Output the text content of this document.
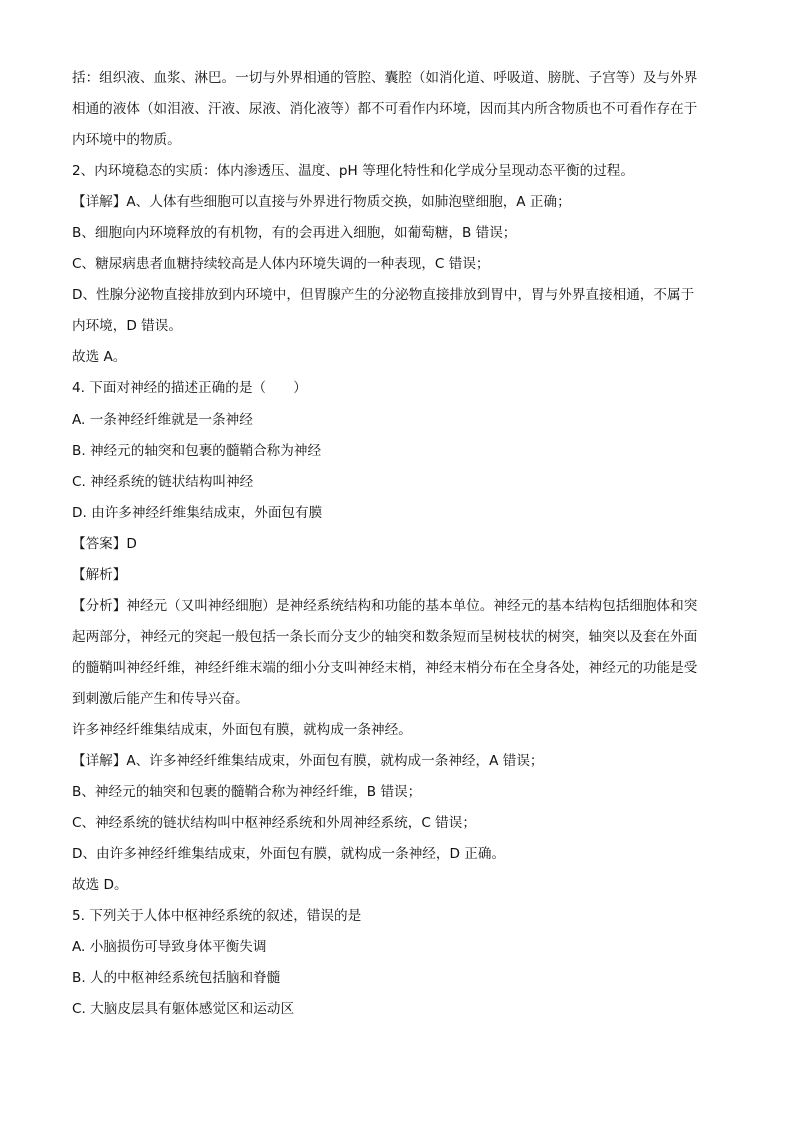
括：组织液、血浆、淋巴。一切与外界相通的管腔、囊腔（如消化道、呼吸道、膀胱、子宫等）及与外界
相通的液体（如泪液、汗液、尿液、消化液等）都不可看作内环境，因而其内所含物质也不可看作存在于
内环境中的物质。
2、内环境稳态的实质：体内渗透压、温度、pH 等理化特性和化学成分呈现动态平衡的过程。
【详解】A、人体有些细胞可以直接与外界进行物质交换，如肺泡壁细胞，A 正确；
B、细胞向内环境释放的有机物，有的会再进入细胞，如葡萄糖，B 错误；
C、糖尿病患者血糖持续较高是人体内环境失调的一种表现，C 错误；
D、性腺分泌物直接排放到内环境中，但胃腺产生的分泌物直接排放到胃中，胃与外界直接相通，不属于
内环境，D 错误。
故选 A。
4. 下面对神经的描述正确的是（　　）
A. 一条神经纤维就是一条神经
B. 神经元的轴突和包裹的髓鞘合称为神经
C. 神经系统的链状结构叫神经
D. 由许多神经纤维集结成束，外面包有膜
【答案】D
【解析】
【分析】神经元（又叫神经细胞）是神经系统结构和功能的基本单位。神经元的基本结构包括细胞体和突
起两部分，神经元的突起一般包括一条长而分支少的轴突和数条短而呈树枝状的树突，轴突以及套在外面
的髓鞘叫神经纤维，神经纤维末端的细小分支叫神经末梢，神经末梢分布在全身各处，神经元的功能是受
到刺激后能产生和传导兴奋。
许多神经纤维集结成束，外面包有膜，就构成一条神经。
【详解】A、许多神经纤维集结成束，外面包有膜，就构成一条神经，A 错误；
B、神经元的轴突和包裹的髓鞘合称为神经纤维，B 错误；
C、神经系统的链状结构叫中枢神经系统和外周神经系统，C 错误；
D、由许多神经纤维集结成束，外面包有膜，就构成一条神经，D 正确。
故选 D。
5. 下列关于人体中枢神经系统的叙述，错误的是
A. 小脑损伤可导致身体平衡失调
B. 人的中枢神经系统包括脑和脊髓
C. 大脑皮层具有躯体感觉区和运动区
